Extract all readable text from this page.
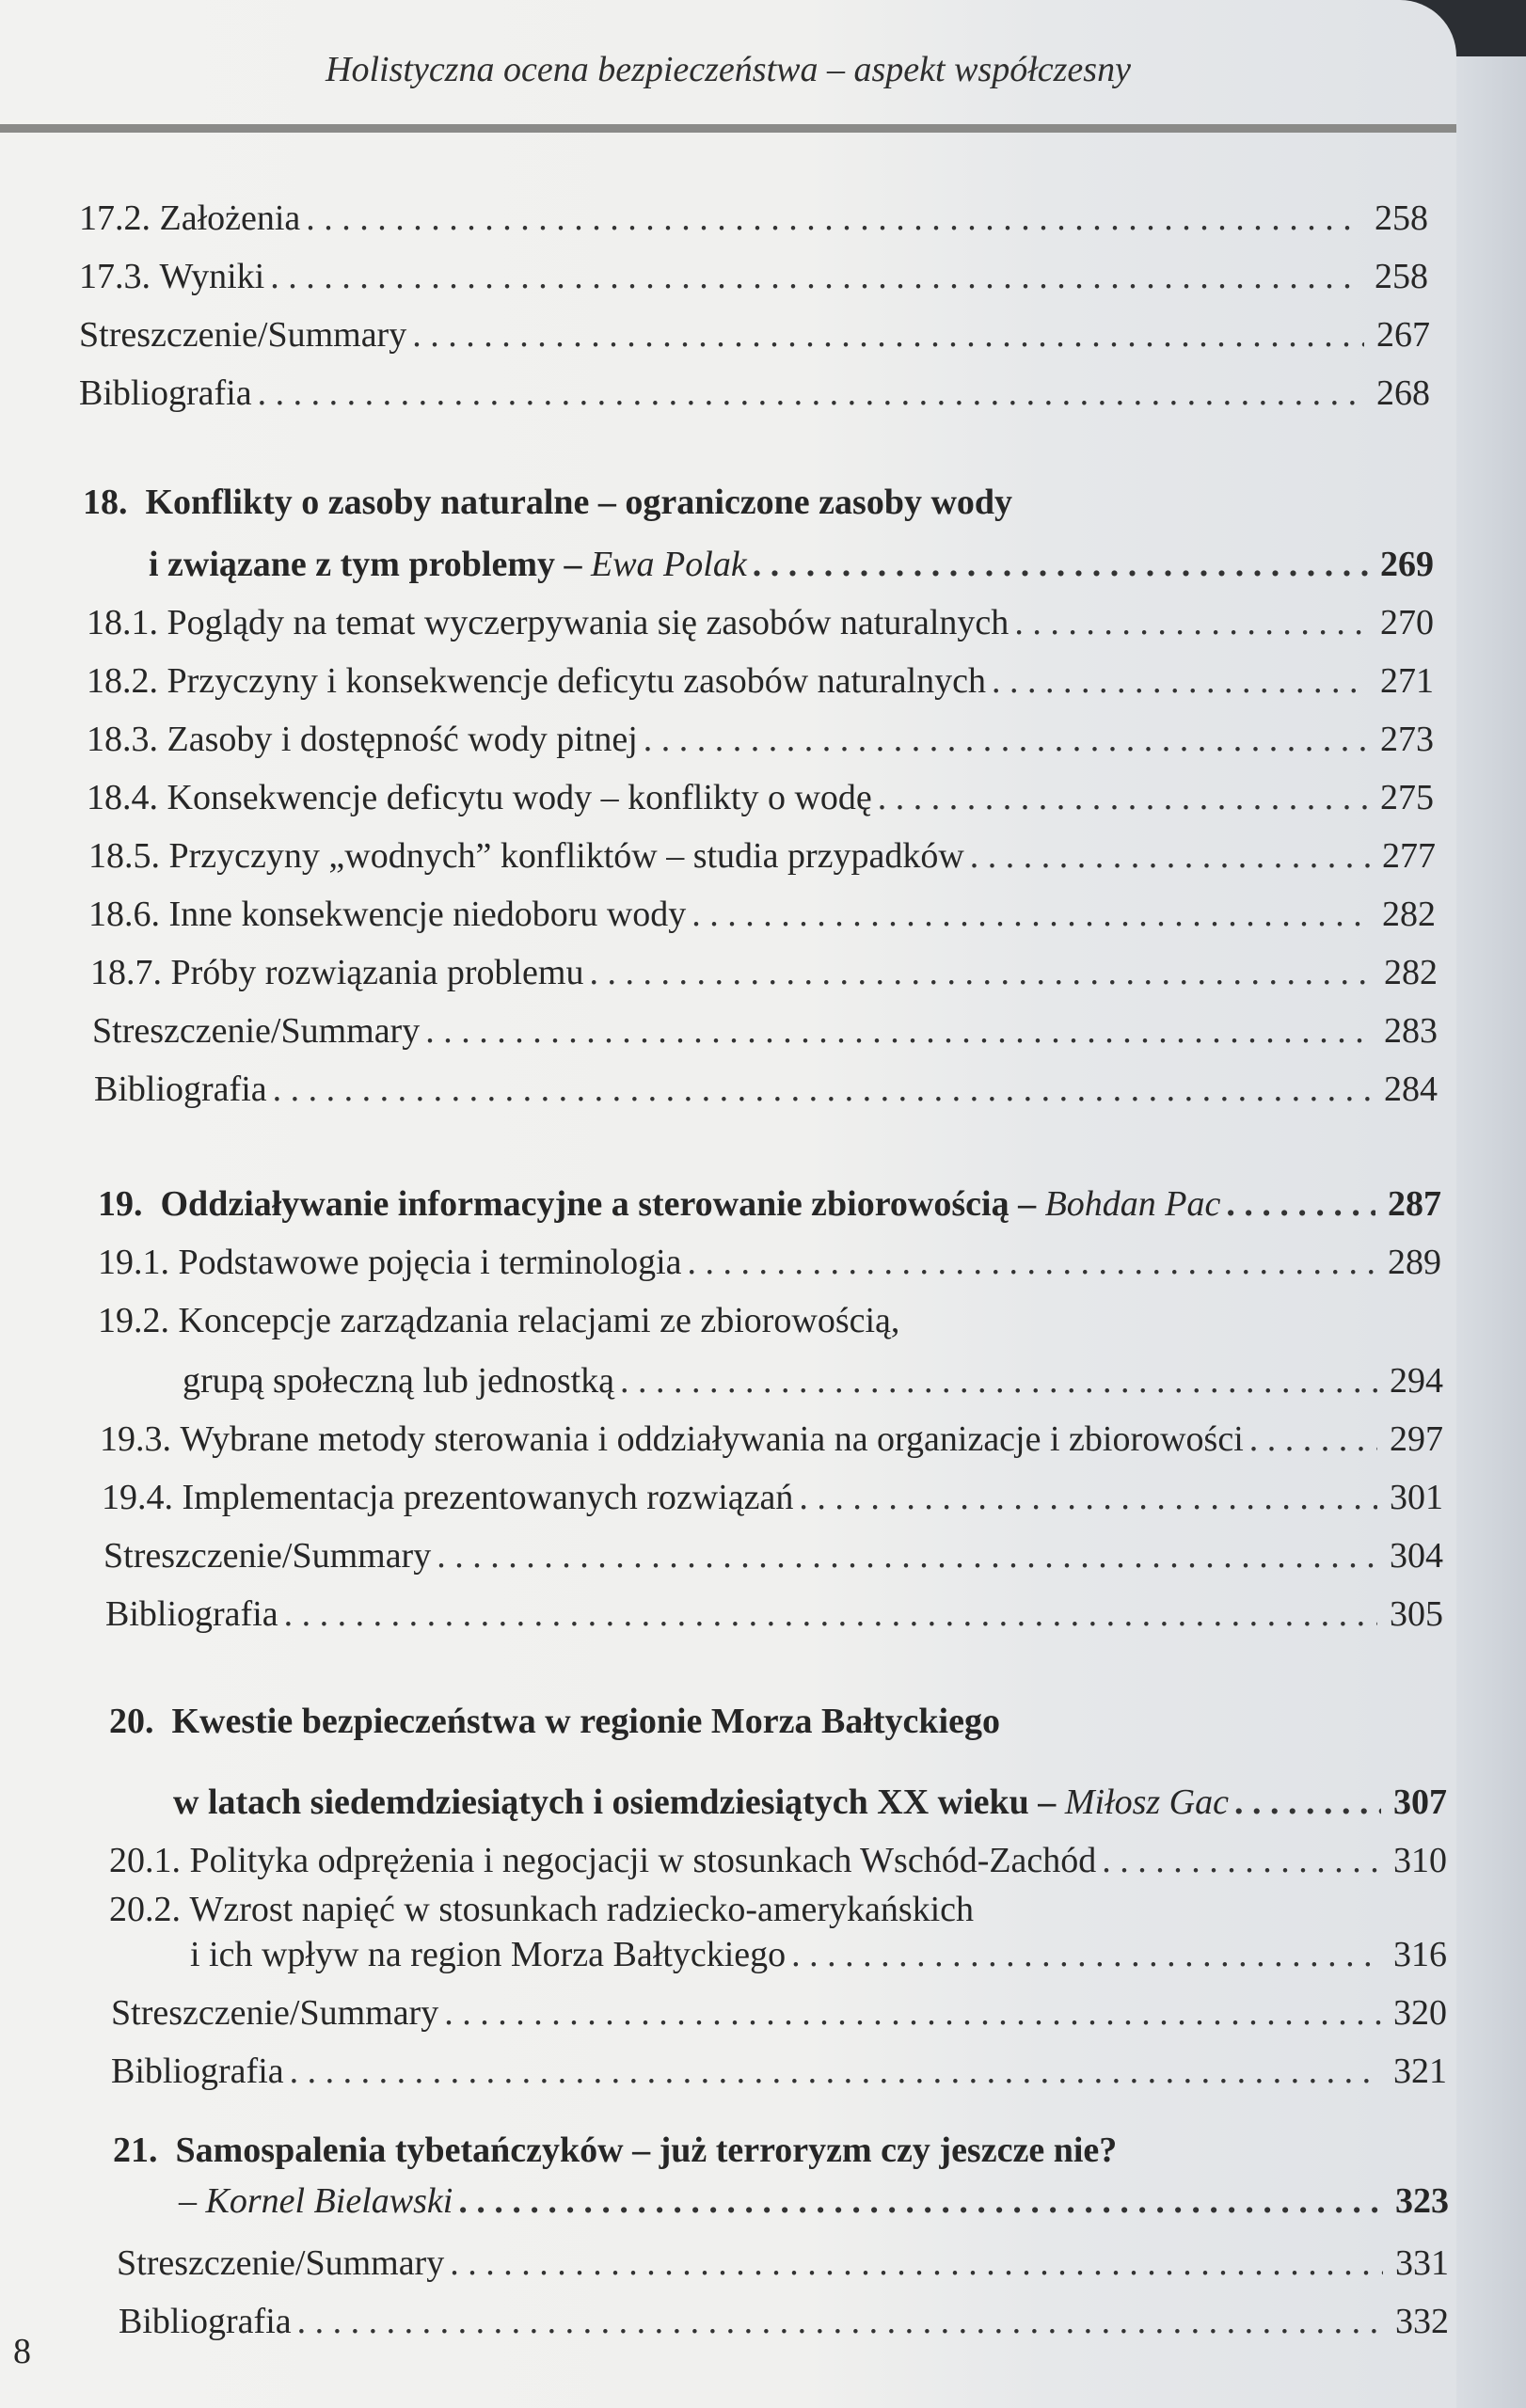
Holistyczna ocena bezpieczeństwa – aspekt współczesny
17.2.
Założenia . . .	258
17.3.
Wyniki . . .	258
Streszczenie/Summary . . .	267
Bibliografia . . .	268
18. Konflikty o zasoby naturalne – ograniczone zasoby wody
i związane z tym problemy –
Ewa Polak . . .	269
18.1.
Poglądy na temat wyczerpywania się zasobów naturalnych . . .	270
18.2.
Przyczyny i konsekwencje deficytu zasobów naturalnych . . .	271
18.3.
Zasoby i dostępność wody pitnej . . .	273
18.4.
Konsekwencje deficytu wody – konflikty o wodę . . .	275
18.5.
Przyczyny „wodnych” konfliktów – studia przypadków . . .	277
18.6.
Inne konsekwencje niedoboru wody . . .	282
18.7.
Próby rozwiązania problemu . . .	282
Streszczenie/Summary . . .	283
Bibliografia . . .	284
19.
Oddziaływanie informacyjne a sterowanie zbiorowością –
Bohdan Pac . . .	287
19.1.
Podstawowe pojęcia i terminologia . . .	289
19.2. Koncepcje zarządzania relacjami ze zbiorowością,
grupą społeczną lub jednostką . . .	294
19.3.
Wybrane metody sterowania i oddziaływania na organizacje i zbiorowości . . .	297
19.4.
Implementacja prezentowanych rozwiązań . . .	301
Streszczenie/Summary . . .	304
Bibliografia . . .	305
20. Kwestie bezpieczeństwa w regionie Morza Bałtyckiego
w latach siedemdziesiątych i osiemdziesiątych XX wieku –
Miłosz Gac . . .	307
20.1.
Polityka odprężenia i negocjacji w stosunkach Wschód-Zachód . . .	310
20.2. Wzrost napięć w stosunkach radziecko-amerykańskich
i ich wpływ na region Morza Bałtyckiego . . .	316
Streszczenie/Summary . . .	320
Bibliografia . . .	321
21. Samospalenia tybetańczyków – już terroryzm czy jeszcze nie?
– Kornel Bielawski . . .	323
Streszczenie/Summary . . .	331
Bibliografia . . .	332
8
